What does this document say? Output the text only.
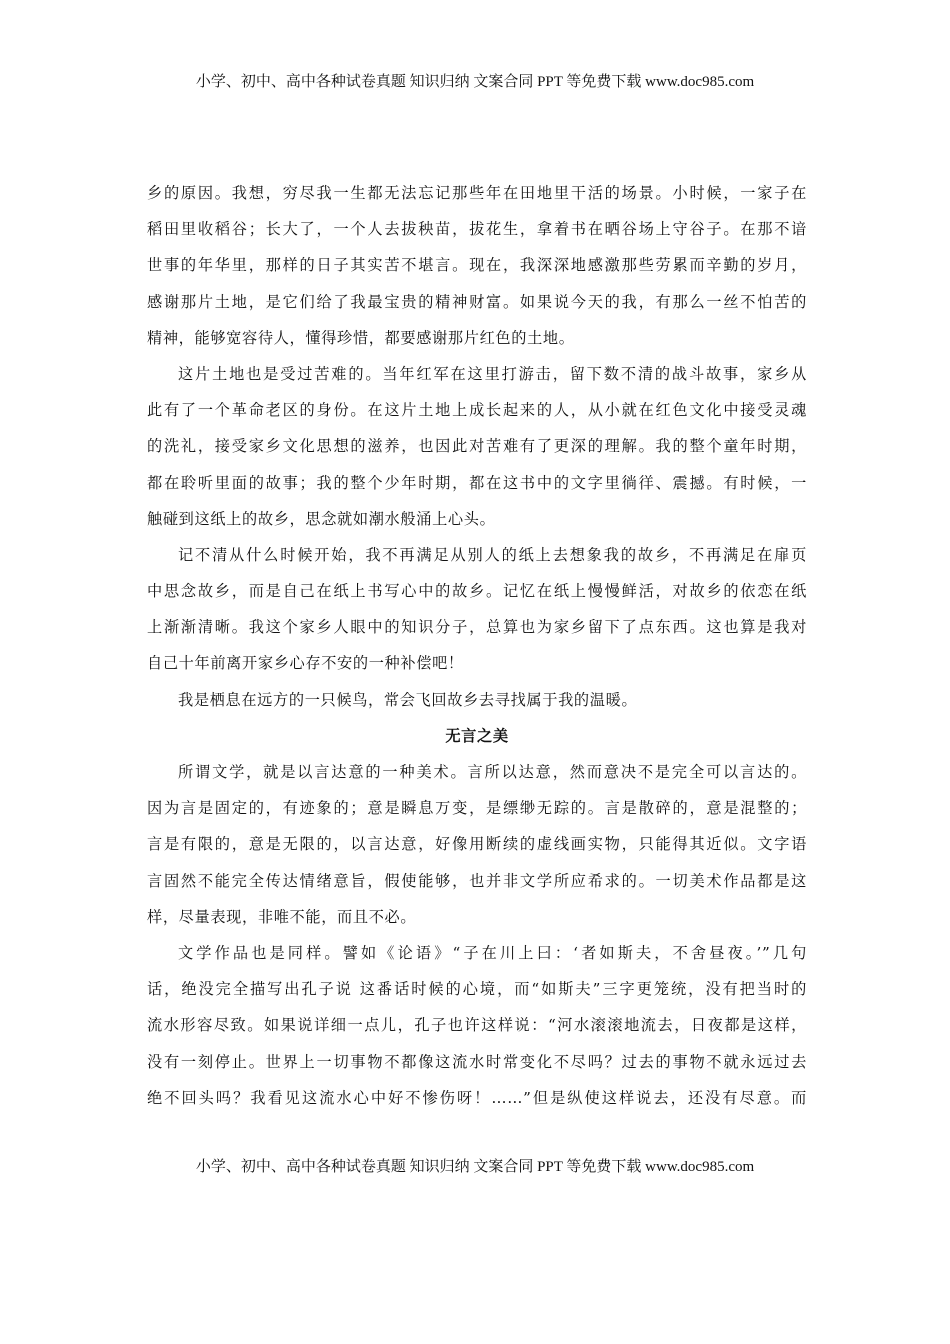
小学、初中、高中各种试卷真题 知识归纳 文案合同 PPT 等免费下载 www.doc985.com
乡的原因。我想，穷尽我一生都无法忘记那些年在田地里干活的场景。小时候，一家子在
稻田里收稻谷；长大了，一个人去拔秧苗，拔花生，拿着书在晒谷场上守谷子。在那不谙
世事的年华里，那样的日子其实苦不堪言。现在，我深深地感激那些劳累而辛勤的岁月，
感谢那片土地，是它们给了我最宝贵的精神财富。如果说今天的我，有那么一丝不怕苦的
精神，能够宽容待人，懂得珍惜，都要感谢那片红色的土地。
这片土地也是受过苦难的。当年红军在这里打游击，留下数不清的战斗故事，家乡从
此有了一个革命老区的身份。在这片土地上成长起来的人，从小就在红色文化中接受灵魂
的洗礼，接受家乡文化思想的滋养，也因此对苦难有了更深的理解。我的整个童年时期，
都在聆听里面的故事；我的整个少年时期，都在这书中的文字里徜徉、震撼。有时候，一
触碰到这纸上的故乡，思念就如潮水般涌上心头。
记不清从什么时候开始，我不再满足从别人的纸上去想象我的故乡，不再满足在扉页
中思念故乡，而是自己在纸上书写心中的故乡。记忆在纸上慢慢鲜活，对故乡的依恋在纸
上渐渐清晰。我这个家乡人眼中的知识分子，总算也为家乡留下了点东西。这也算是我对
自己十年前离开家乡心存不安的一种补偿吧！
我是栖息在远方的一只候鸟，常会飞回故乡去寻找属于我的温暖。
无言之美
所谓文学，就是以言达意的一种美术。言所以达意，然而意决不是完全可以言达的。
因为言是固定的，有迹象的；意是瞬息万变，是缥缈无踪的。言是散碎的，意是混整的；
言是有限的，意是无限的，以言达意，好像用断续的虚线画实物，只能得其近似。文字语
言固然不能完全传达情绪意旨，假使能够，也并非文学所应希求的。一切美术作品都是这
样，尽量表现，非唯不能，而且不必。
文学作品也是同样。譬如《论语》“子在川上曰：‘者如斯夫，不舍昼夜。’”几句
话，绝没完全描写出孔子说 这番话时候的心境，而“如斯夫”三字更笼统，没有把当时的
流水形容尽致。如果说详细一点儿，孔子也许这样说：“河水滚滚地流去，日夜都是这样，
没有一刻停止。世界上一切事物不都像这流水时常变化不尽吗？过去的事物不就永远过去
绝不回头吗？我看见这流水心中好不惨伤呀！……”但是纵使这样说去，还没有尽意。而
小学、初中、高中各种试卷真题 知识归纳 文案合同 PPT 等免费下载 www.doc985.com
